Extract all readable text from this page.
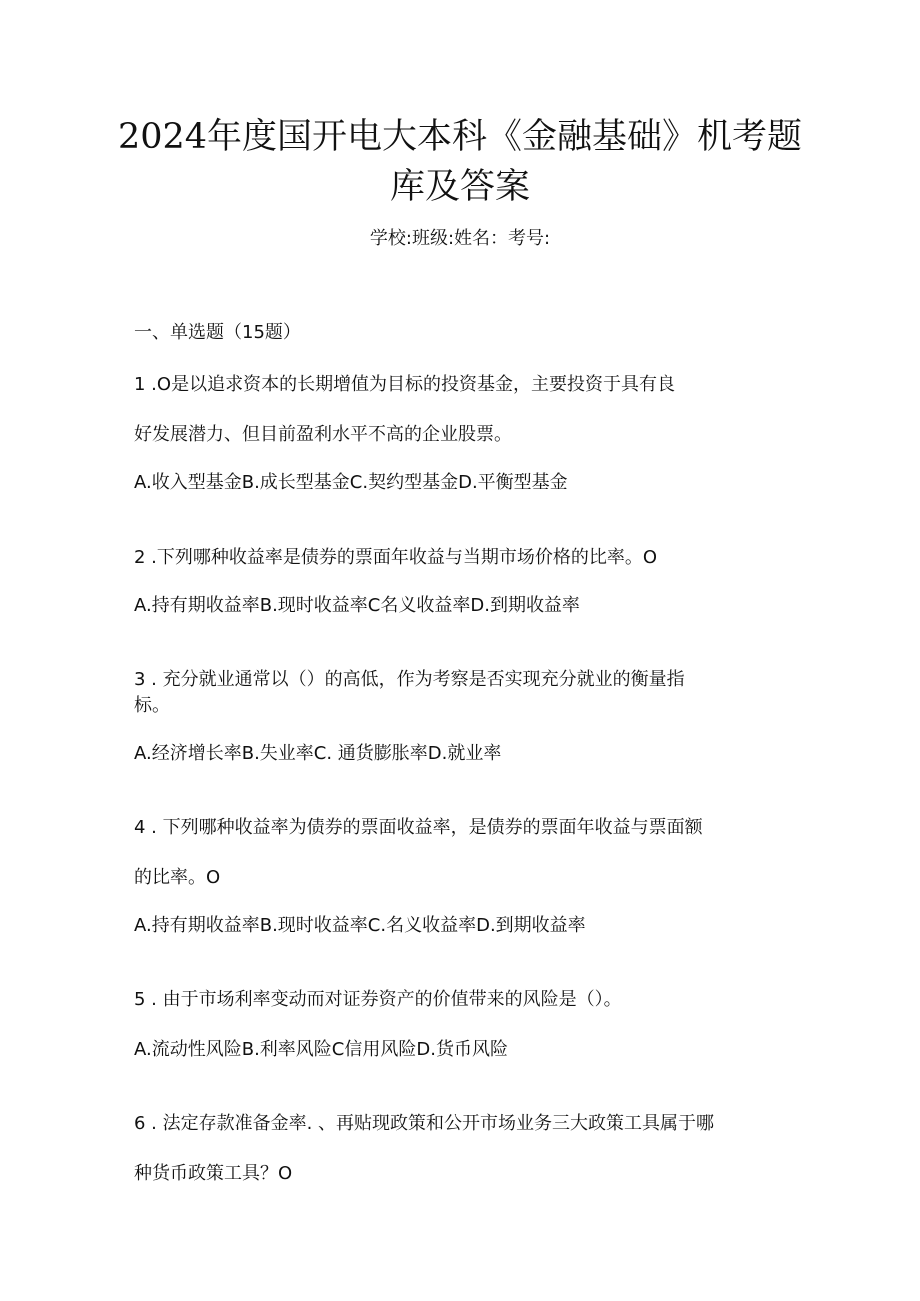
2024年度国开电大本科《金融基础》机考题
库及答案
学校:班级:姓名：考号:
一、单选题（15题）
1 .O是以追求资本的长期增值为目标的投资基金，主要投资于具有良
好发展潜力、但目前盈利水平不高的企业股票。
A.收入型基金B.成长型基金C.契约型基金D.平衡型基金
2 .下列哪种收益率是债券的票面年收益与当期市场价格的比率。O
A.持有期收益率B.现时收益率C名义收益率D.到期收益率
3 . 充分就业通常以（）的高低，作为考察是否实现充分就业的衡量指
标。
A.经济增长率B.失业率C. 通货膨胀率D.就业率
4 . 下列哪种收益率为债券的票面收益率，是债券的票面年收益与票面额
的比率。O
A.持有期收益率B.现时收益率C.名义收益率D.到期收益率
5 . 由于市场利率变动而对证券资产的价值带来的风险是（）。
A.流动性风险B.利率风险C信用风险D.货币风险
6 . 法定存款准备金率. 、再贴现政策和公开市场业务三大政策工具属于哪
种货币政策工具？O
